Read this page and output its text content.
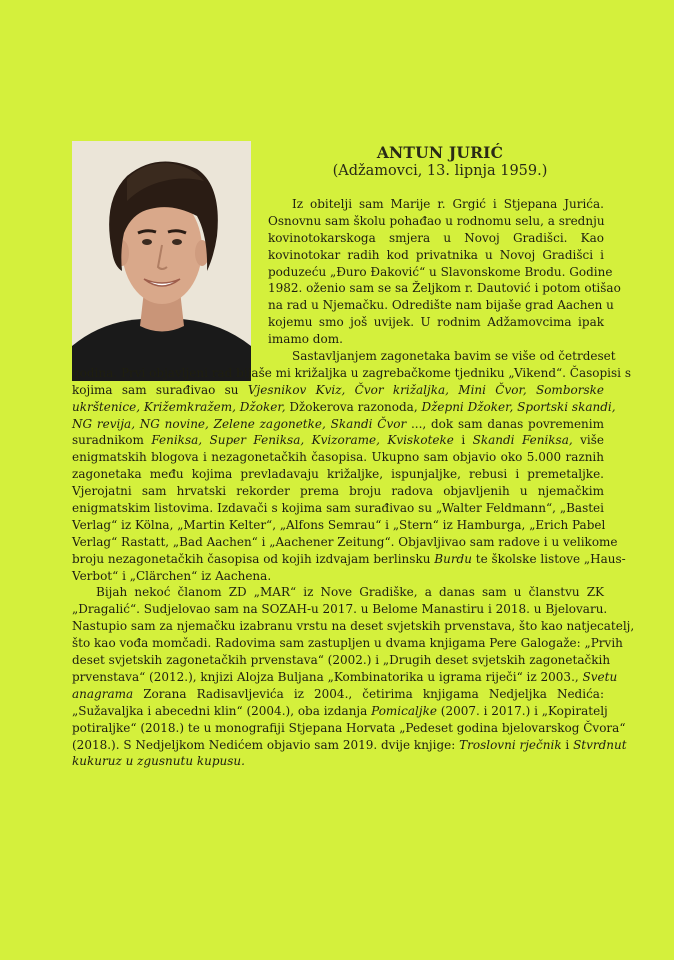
ANTUN JURIĆ
(Adžamovci, 13. lipnja 1959.)
Iz obitelji sam Marije r. Grgić i Stjepana Jurića.
Osnovnu sam školu pohađao u rodnomu selu, a srednju
kovinotokarskoga smjera u Novoj Gradišci. Kao
kovinotokar radih kod privatnika u Novoj Gradišci i
poduzeću „Đuro Đaković“ u Slavonskome Brodu. Godine
1982. oženio sam se sa Željkom r. Dautović i potom otišao
na rad u Njemačku. Odredište nam bijaše grad Aachen u
kojemu smo još uvijek. U rodnim Adžamovcima ipak
imamo dom.
Sastavljanjem zagonetaka bavim se više od četrdeset
godina. Prvi objavljeni rad bijaše mi križaljka u zagrebačkome tjedniku „Vikend“. Časopisi s
kojima sam surađivao su Vjesnikov Kviz, Čvor križaljka, Mini Čvor, Somborske
ukrštenice, Križemkražem, Džoker, Džokerova razonoda, Džepni Džoker, Sportski skandi,
NG revija, NG novine, Zelene zagonetke, Skandi Čvor ..., dok sam danas povremenim
suradnikom Feniksa, Super Feniksa, Kvizorame, Kviskoteke i Skandi Feniksa, više
enigmatskih blogova i nezagonetačkih časopisa. Ukupno sam objavio oko 5.000 raznih
zagonetaka među kojima prevladavaju križaljke, ispunjaljke, rebusi i premetaljke.
Vjerojatni sam hrvatski rekorder prema broju radova objavljenih u njemačkim
enigmatskim listovima. Izdavači s kojima sam surađivao su „Walter Feldmann“, „Bastei
Verlag“ iz Kölna, „Martin Kelter“, „Alfons Semrau“ i „Stern“ iz Hamburga, „Erich Pabel
Verlag“ Rastatt, „Bad Aachen“ i „Aachener Zeitung“. Objavljivao sam radove i u velikome
broju nezagonetačkih časopisa od kojih izdvajam berlinsku Burdu te školske listove „Haus-
Verbot“ i „Clärchen“ iz Aachena.
Bijah nekoć članom ZD „MAR“ iz Nove Gradiške, a danas sam u članstvu ZK
„Dragalić“. Sudjelovao sam na SOZAH-u 2017. u Belome Manastiru i 2018. u Bjelovaru.
Nastupio sam za njemačku izabranu vrstu na deset svjetskih prvenstava, što kao natjecatelj,
što kao vođa momčadi. Radovima sam zastupljen u dvama knjigama Pere Galogaže: „Prvih
deset svjetskih zagonetačkih prvenstava“ (2002.) i „Drugih deset svjetskih zagonetačkih
prvenstava“ (2012.), knjizi Alojza Buljana „Kombinatorika u igrama riječi“ iz 2003., Svetu
anagrama Zorana Radisavljevića iz 2004., četirima knjigama Nedjeljka Nedića:
„Sužavaljka i abecedni klin“ (2004.), oba izdanja Pomicaljke (2007. i 2017.) i „Kopiratelj
potiraljke“ (2018.) te u monografiji Stjepana Horvata „Pedeset godina bjelovarskog Čvora“
(2018.). S Nedjeljkom Nedićem objavio sam 2019. dvije knjige: Troslovni rječnik i Stvrdnut
kukuruz u zgusnutu kupusu.
